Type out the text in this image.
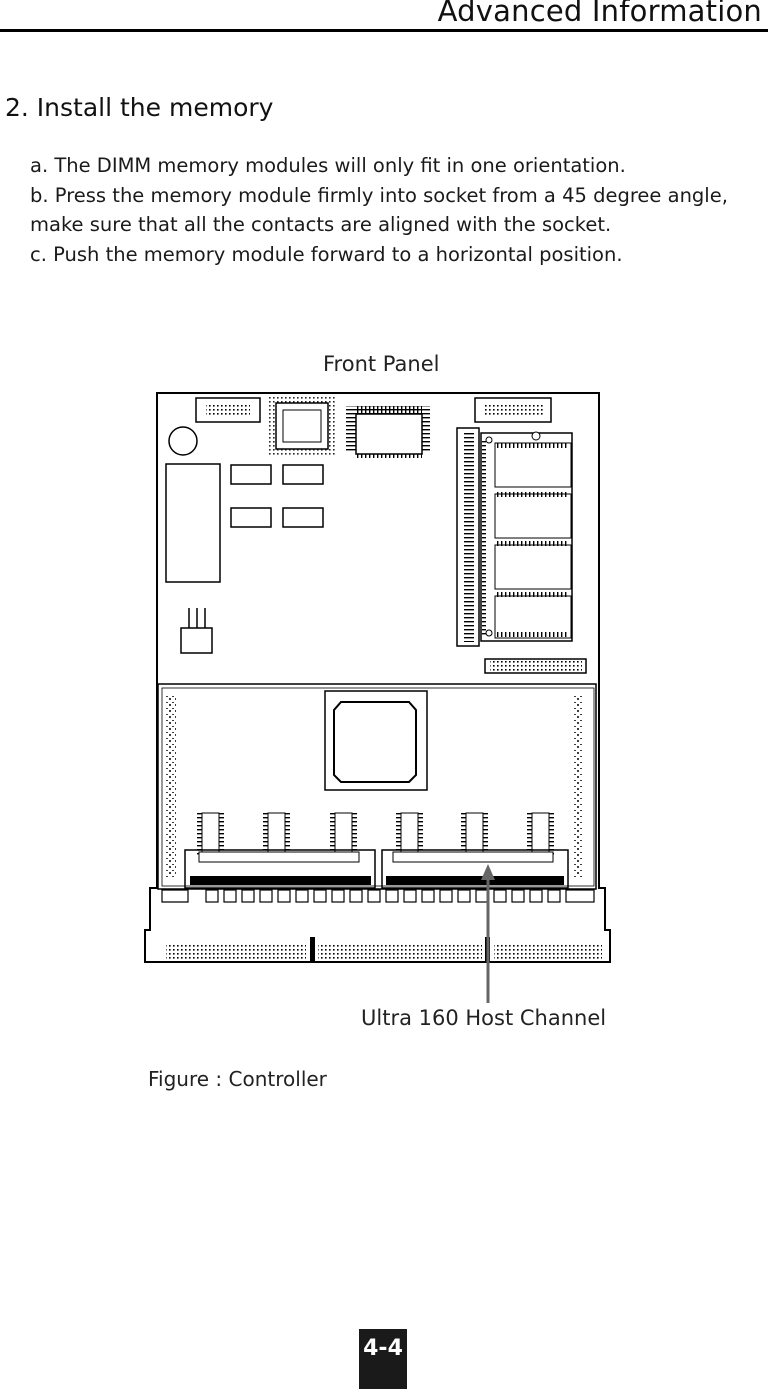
Advanced Information
2. Install the memory

a. The DIMM memory modules will only fit in one orientation.

b. Press the memory module firmly into socket from a 45 degree angle, make sure that all the contacts are aligned with the socket.

c. Push the memory module forward to a horizontal position.

Front Panel
Ultra 160 Host Channel
Figure : Controller
4-4
